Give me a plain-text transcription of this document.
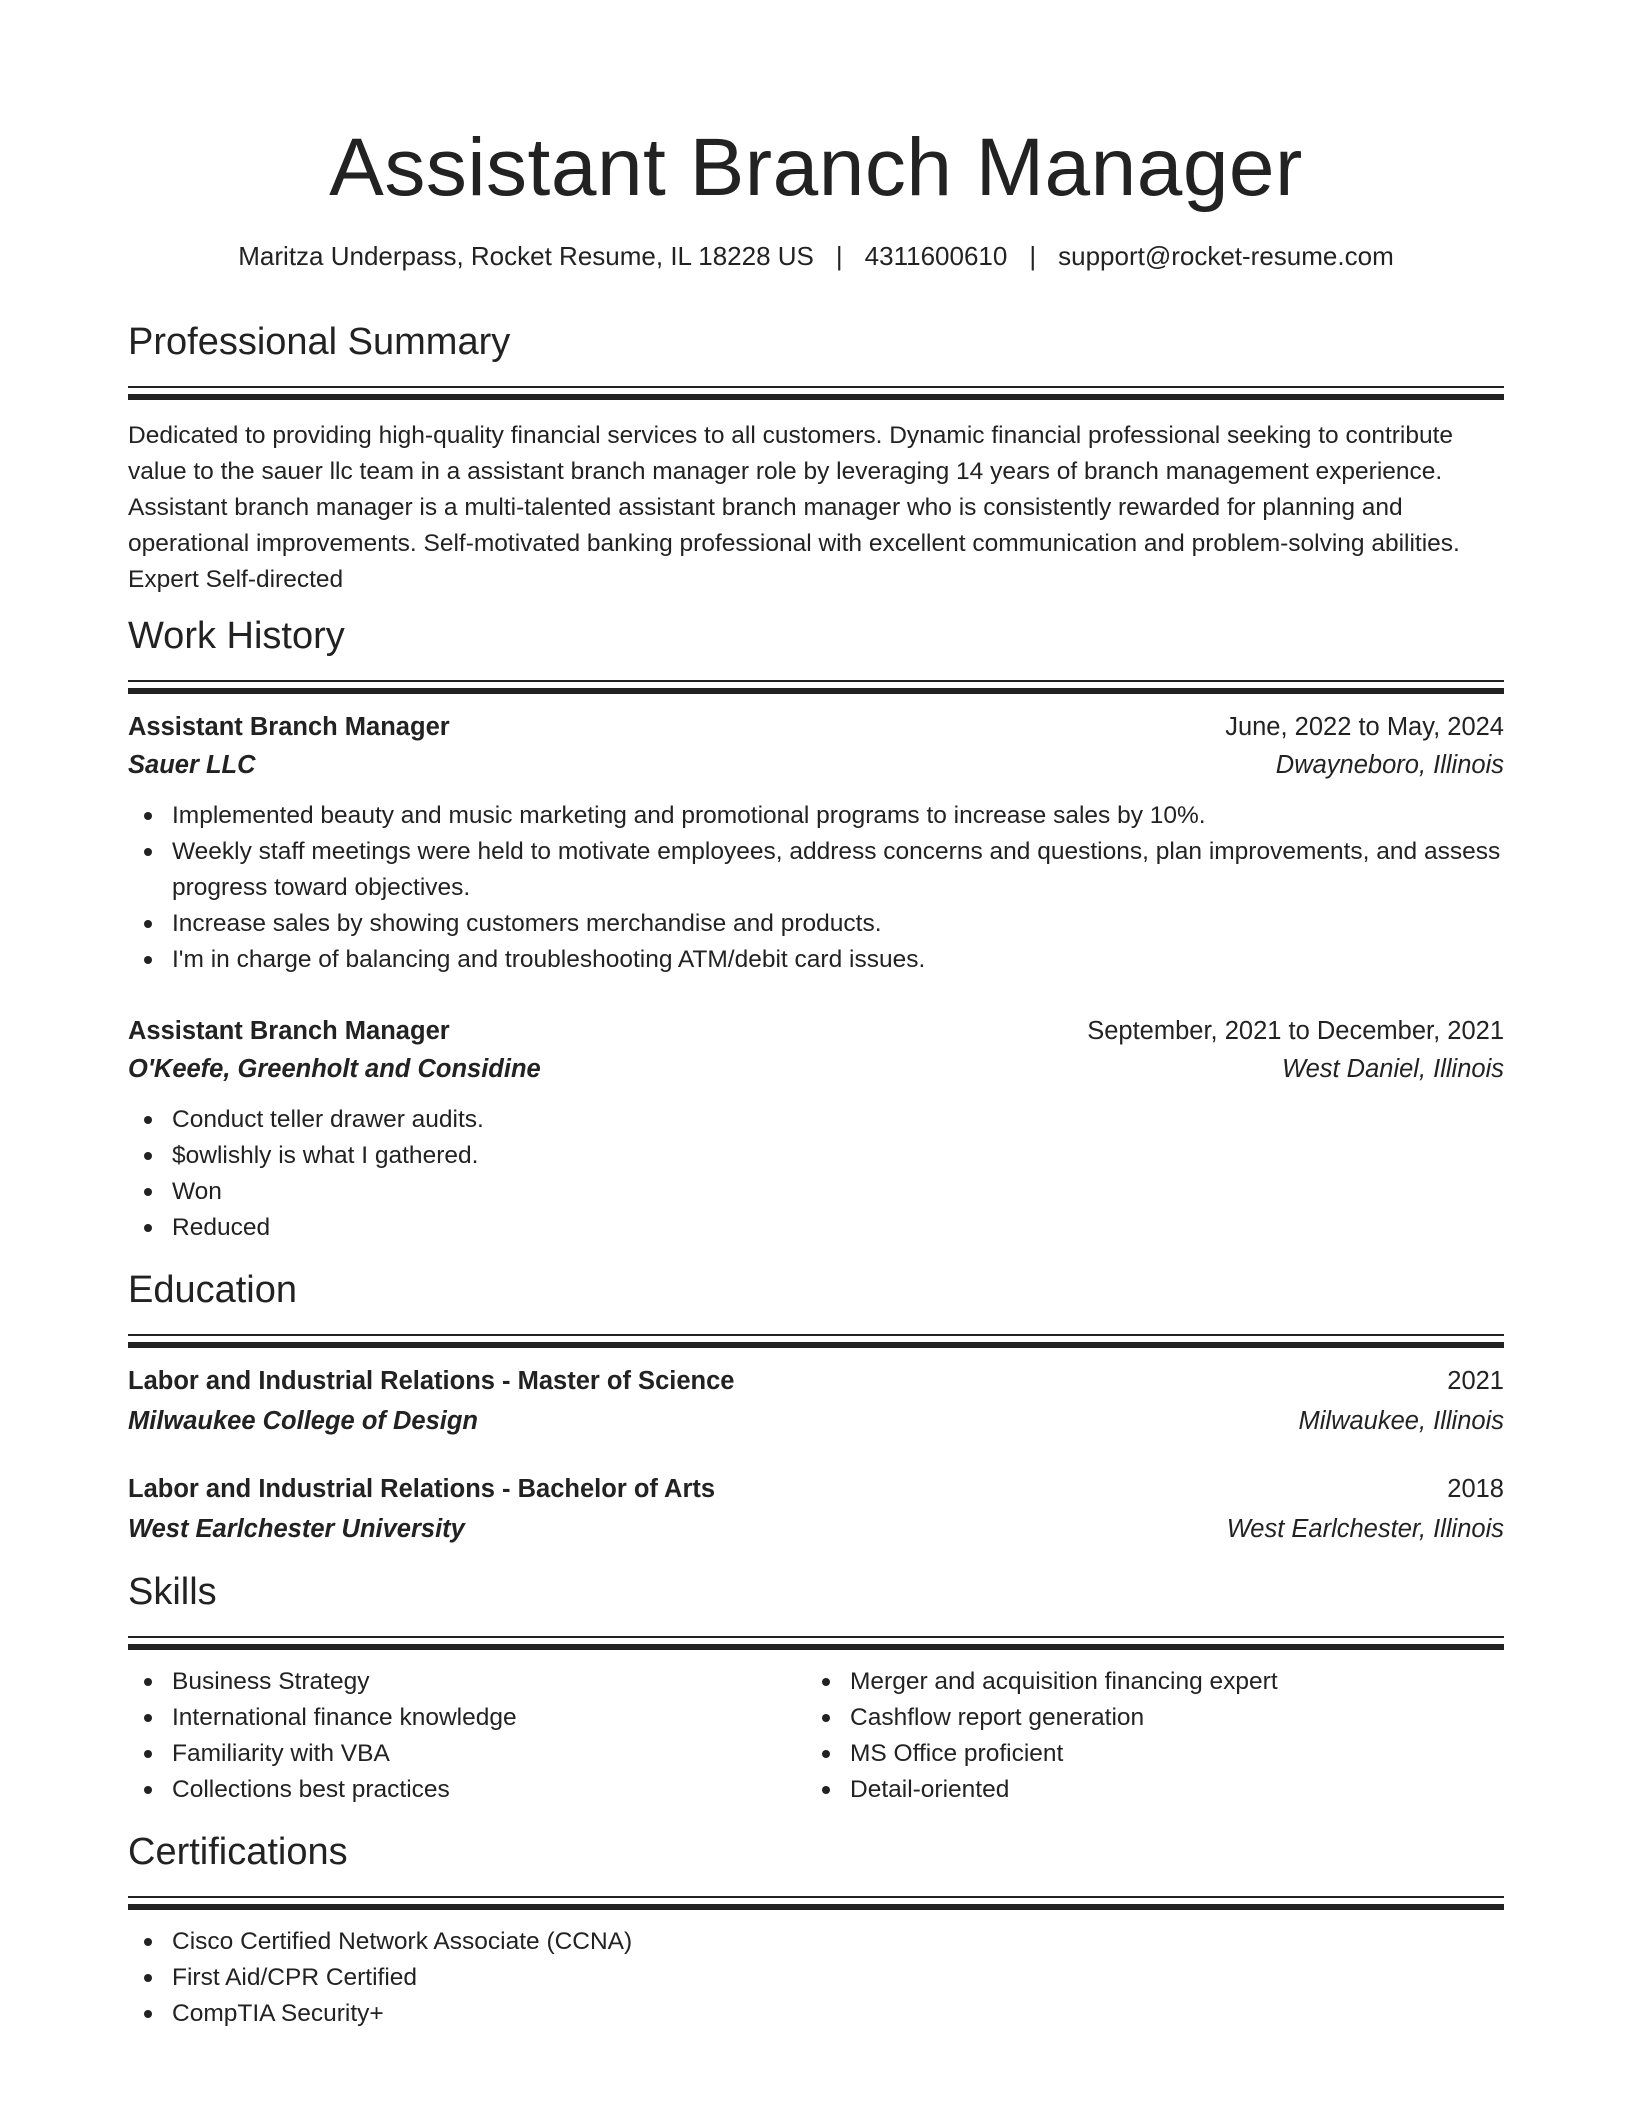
Assistant Branch Manager
Maritza Underpass, Rocket Resume, IL 18228 US | 4311600610 | support@rocket-resume.com
Professional Summary
Dedicated to providing high-quality financial services to all customers. Dynamic financial professional seeking to contribute value to the sauer llc team in a assistant branch manager role by leveraging 14 years of branch management experience. Assistant branch manager is a multi-talented assistant branch manager who is consistently rewarded for planning and operational improvements. Self-motivated banking professional with excellent communication and problem-solving abilities. Expert Self-directed
Work History
Assistant Branch Manager	June, 2022 to May, 2024
Sauer LLC	Dwayneboro, Illinois
Implemented beauty and music marketing and promotional programs to increase sales by 10%.
Weekly staff meetings were held to motivate employees, address concerns and questions, plan improvements, and assess progress toward objectives.
Increase sales by showing customers merchandise and products.
I'm in charge of balancing and troubleshooting ATM/debit card issues.
Assistant Branch Manager	September, 2021 to December, 2021
O'Keefe, Greenholt and Considine	West Daniel, Illinois
Conduct teller drawer audits.
$owlishly is what I gathered.
Won
Reduced
Education
Labor and Industrial Relations - Master of Science	2021
Milwaukee College of Design	Milwaukee, Illinois
Labor and Industrial Relations - Bachelor of Arts	2018
West Earlchester University	West Earlchester, Illinois
Skills
Business Strategy
International finance knowledge
Familiarity with VBA
Collections best practices
Merger and acquisition financing expert
Cashflow report generation
MS Office proficient
Detail-oriented
Certifications
Cisco Certified Network Associate (CCNA)
First Aid/CPR Certified
CompTIA Security+
